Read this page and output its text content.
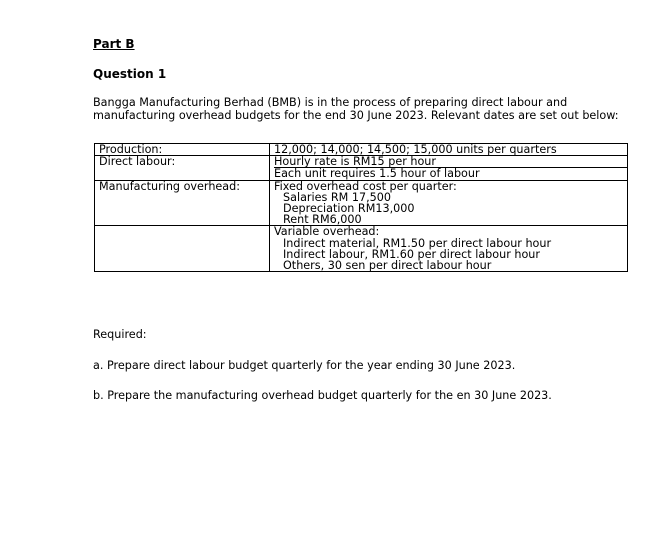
Part B
Question 1

Bangga Manufacturing Berhad (BMB) is in the process of preparing direct labour and manufacturing overhead budgets for the end 30 June 2023. Relevant dates are set out below:

Production:	12,000; 14,000; 14,500; 15,000 units per quarters
Direct labour:	Hourly rate is RM15 per hour
Each unit requires 1.5 hour of labour

Manufacturing overhead:	Fixed overhead cost per quarter:
Salaries RM 17,500
Depreciation RM13,000
Rent RM6,000

	Variable overhead:
Indirect material, RM1.50 per direct labour hour
Indirect labour, RM1.60 per direct labour hour
Others, 30 sen per direct labour hour

Required:

a. Prepare direct labour budget quarterly for the year ending 30 June 2023.

b. Prepare the manufacturing overhead budget quarterly for the en 30 June 2023.
